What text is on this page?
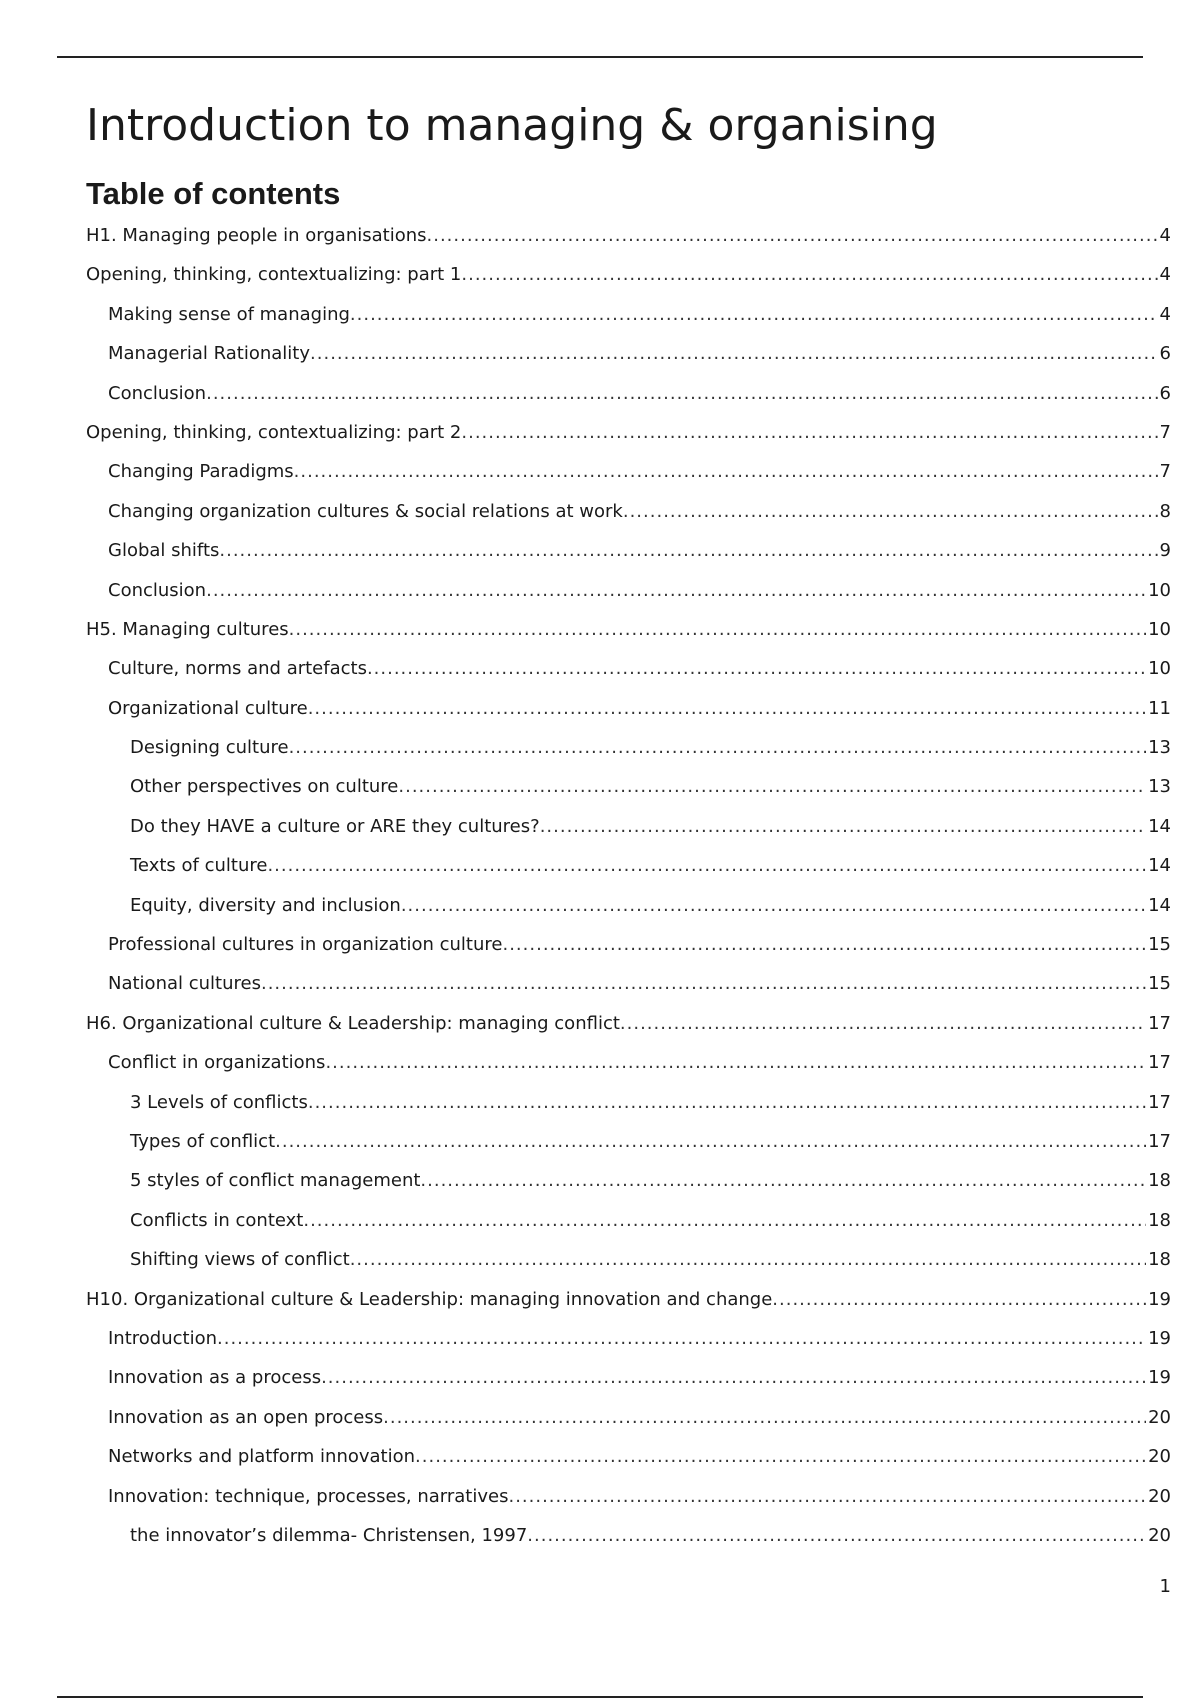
Introduction to managing & organising
Table of contents
H1. Managing people in organisations .....	4
Opening, thinking, contextualizing: part 1 .....	4
Making sense of managing .....	4
Managerial Rationality .....	6
Conclusion .....	6
Opening, thinking, contextualizing: part 2 .....	7
Changing Paradigms .....	7
Changing organization cultures & social relations at work .....	8
Global shifts .....	9
Conclusion .....	10
H5. Managing cultures .....	10
Culture, norms and artefacts .....	10
Organizational culture .....	11
Designing culture .....	13
Other perspectives on culture .....	13
Do they HAVE a culture or ARE they cultures? .....	14
Texts of culture .....	14
Equity, diversity and inclusion .....	14
Professional cultures in organization culture .....	15
National cultures .....	15
H6. Organizational culture & Leadership: managing conflict .....	17
Conflict in organizations .....	17
3 Levels of conflicts .....	17
Types of conflict .....	17
5 styles of conflict management .....	18
Conflicts in context .....	18
Shifting views of conflict .....	18
H10. Organizational culture & Leadership: managing innovation and change .....	19
Introduction .....	19
Innovation as a process .....	19
Innovation as an open process .....	20
Networks and platform innovation .....	20
Innovation: technique, processes, narratives .....	20
the innovator’s dilemma- Christensen, 1997 .....	20
1
